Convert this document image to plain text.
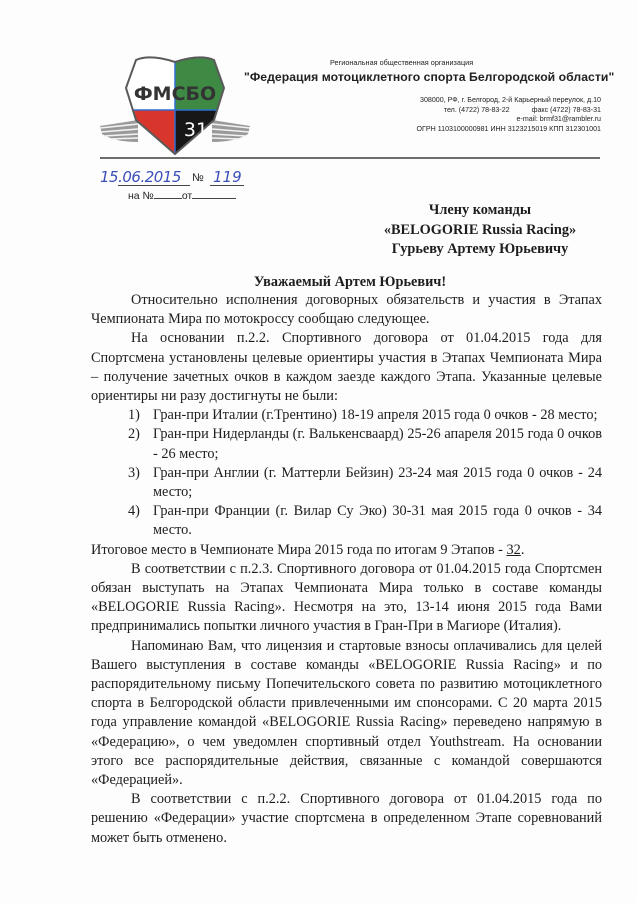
ФМСБО
31
Региональная общественная организация
"Федерация мотоциклетного спорта Белгородской области"
308000, РФ, г. Белгород, 2-й Карьерный переулок, д.10
тел. (4722) 78-83-22	факс (4722) 78-83-31
e-mail: brmf31@rambler.ru
ОГРН 1103100000981 ИНН 3123215019 КПП 312301001
15.06.2015 № 119
на №	от
Члену команды
«BELOGORIE Russia Racing»
Гурьеву Артему Юрьевичу
Уважаемый Артем Юрьевич!

Относительно исполнения договорных обязательств и участия в Этапах Чемпионата Мира по мотокроссу сообщаю следующее.

На основании п.2.2. Спортивного договора от 01.04.2015 года для Спортсмена установлены целевые ориентиры участия в Этапах Чемпионата Мира – получение зачетных очков в каждом заезде каждого Этапа. Указанные целевые ориентиры ни разу достигнуты не были:

1) Гран-при Италии (г.Трентино) 18-19 апреля 2015 года 0 очков - 28 место;
2) Гран-при Нидерланды (г. Валькенсваард) 25-26 апареля 2015 года 0 очков - 26 место;
3) Гран-при Англии (г. Маттерли Бейзин) 23-24 мая 2015 года 0 очков - 24 место;
4) Гран-при Франции (г. Вилар Су Эко) 30-31 мая 2015 года 0 очков - 34 место.

Итоговое место в Чемпионате Мира 2015 года по итогам 9 Этапов - 32.

В соответствии с п.2.3. Спортивного договора от 01.04.2015 года Спортсмен обязан выступать на Этапах Чемпионата Мира только в составе команды «BELOGORIE Russia Racing». Несмотря на это, 13-14 июня 2015 года Вами предпринимались попытки личного участия в Гран-При в Магиоре (Италия).

Напоминаю Вам, что лицензия и стартовые взносы оплачивались для целей Вашего выступления в составе команды «BELOGORIE Russia Racing» и по распорядительному письму Попечительского совета по развитию мотоциклетного спорта в Белгородской области привлеченными им спонсорами. С 20 марта 2015 года управление командой «BELOGORIE Russia Racing» переведено напрямую в «Федерацию», о чем уведомлен спортивный отдел Youthstream. На основании этого все распорядительные действия, связанные с командой совершаются «Федерацией».

В соответствии с п.2.2. Спортивного договора от 01.04.2015 года по решению «Федерации» участие спортсмена в определенном Этапе соревнований может быть отменено.
